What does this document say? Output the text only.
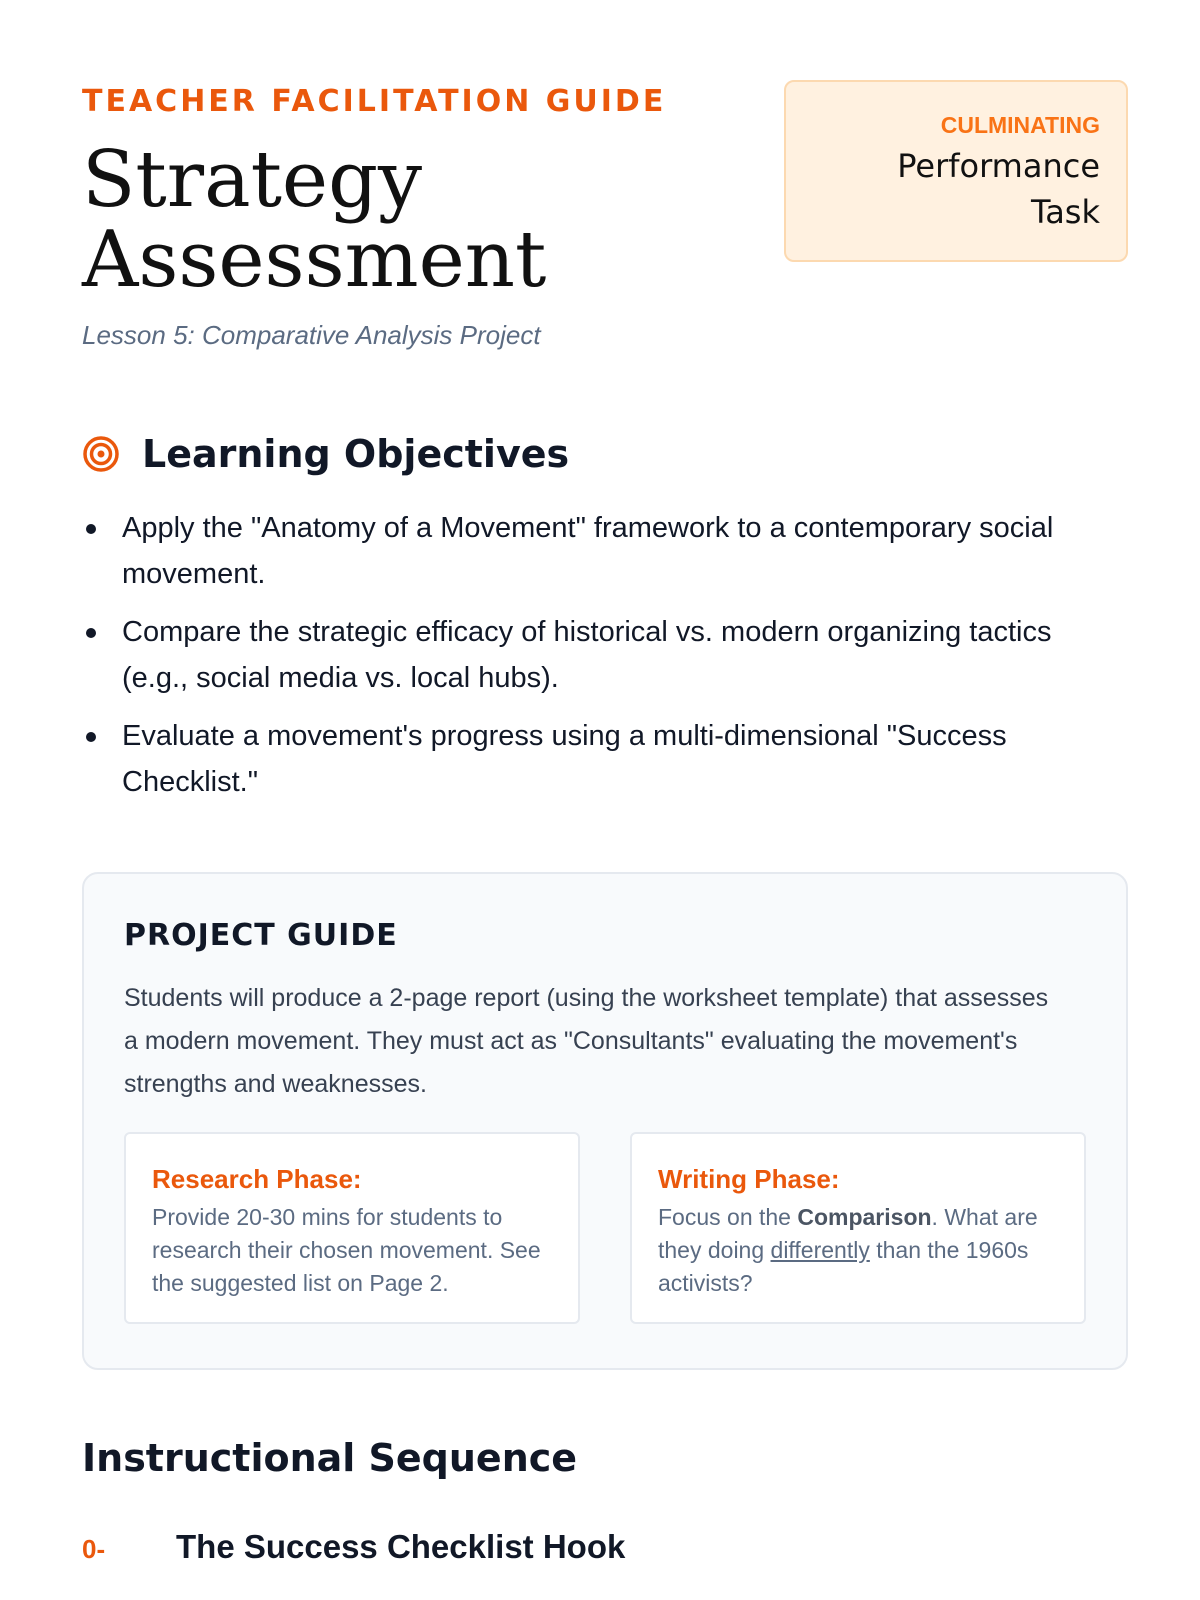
TEACHER FACILITATION GUIDE
Strategy
Assessment
Lesson 5: Comparative Analysis Project
CULMINATING
Performance
Task
Learning Objectives
Apply the "Anatomy of a Movement" framework to a contemporary social movement.
Compare the strategic efficacy of historical vs. modern organizing tactics (e.g., social media vs. local hubs).
Evaluate a movement's progress using a multi-dimensional "Success Checklist."
PROJECT GUIDE
Students will produce a 2-page report (using the worksheet template) that assesses a modern movement. They must act as "Consultants" evaluating the movement's strengths and weaknesses.
Research Phase:
Provide 20-30 mins for students to research their chosen movement. See the suggested list on Page 2.
Writing Phase:
Focus on the Comparison. What are they doing differently than the 1960s activists?
Instructional Sequence
0-	The Success Checklist Hook
